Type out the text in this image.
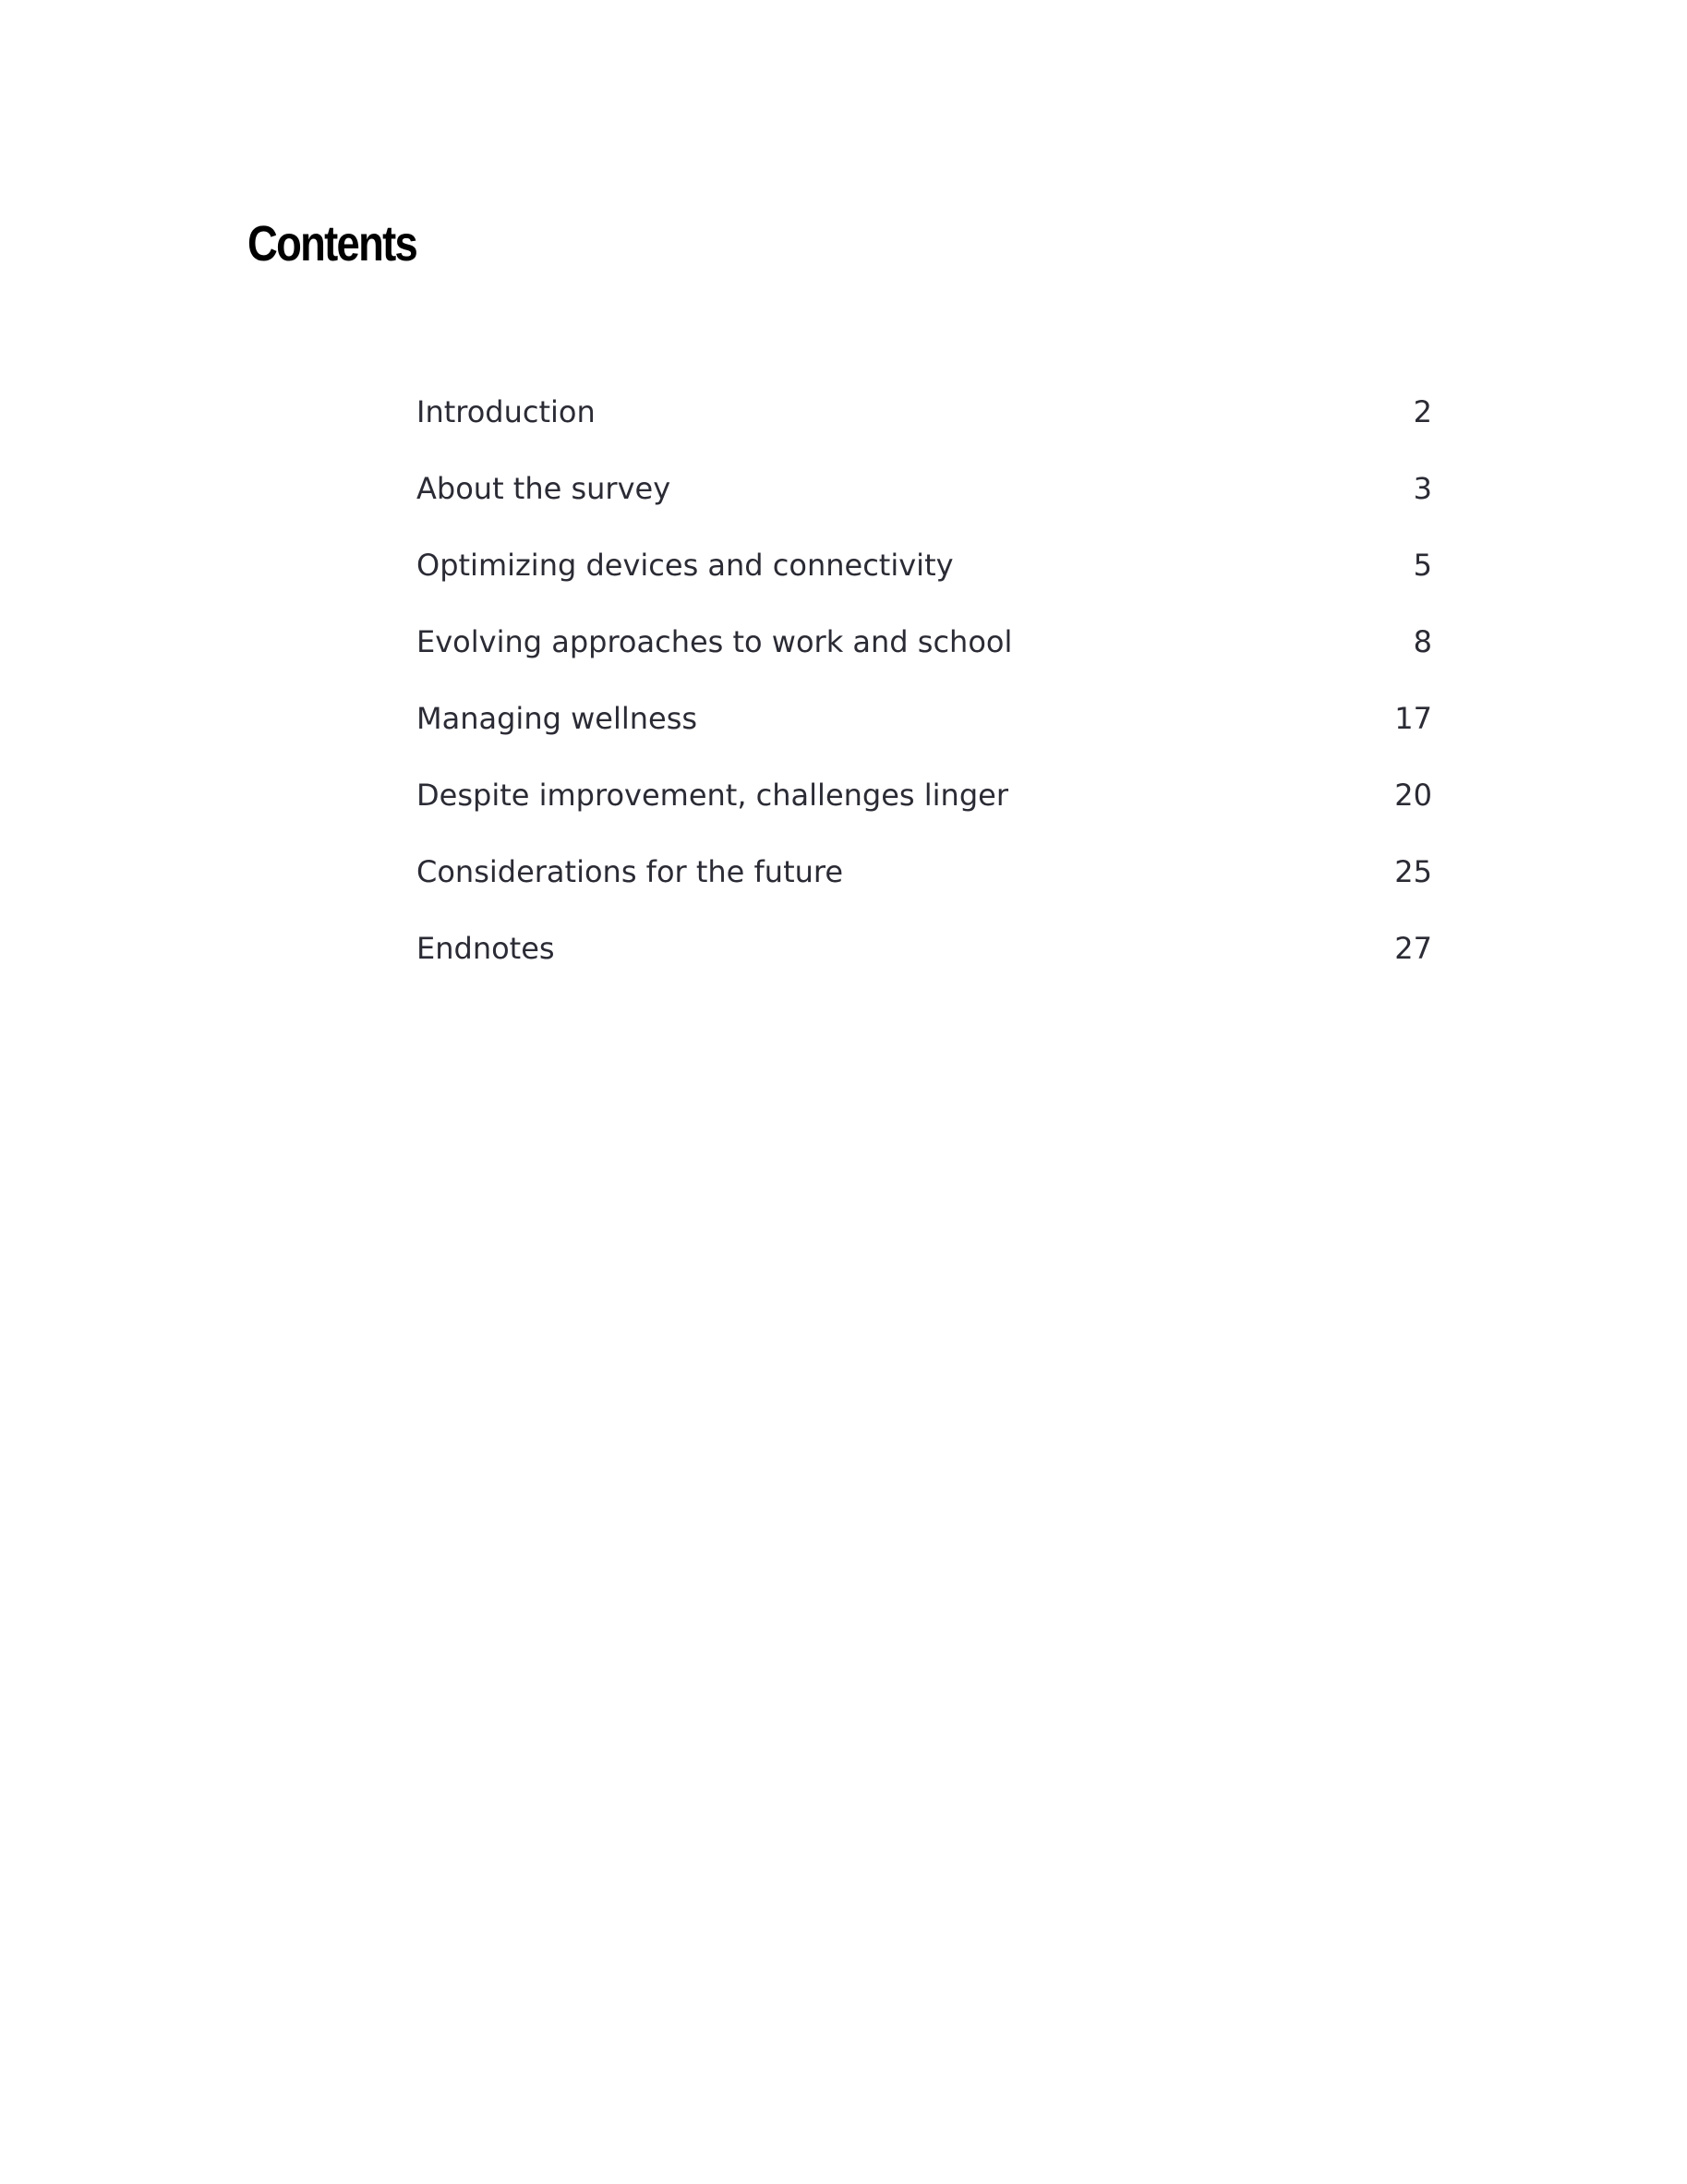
Contents
Introduction	2
About the survey	3
Optimizing devices and connectivity	5
Evolving approaches to work and school	8
Managing wellness	17
Despite improvement, challenges linger	20
Considerations for the future	25
Endnotes	27
